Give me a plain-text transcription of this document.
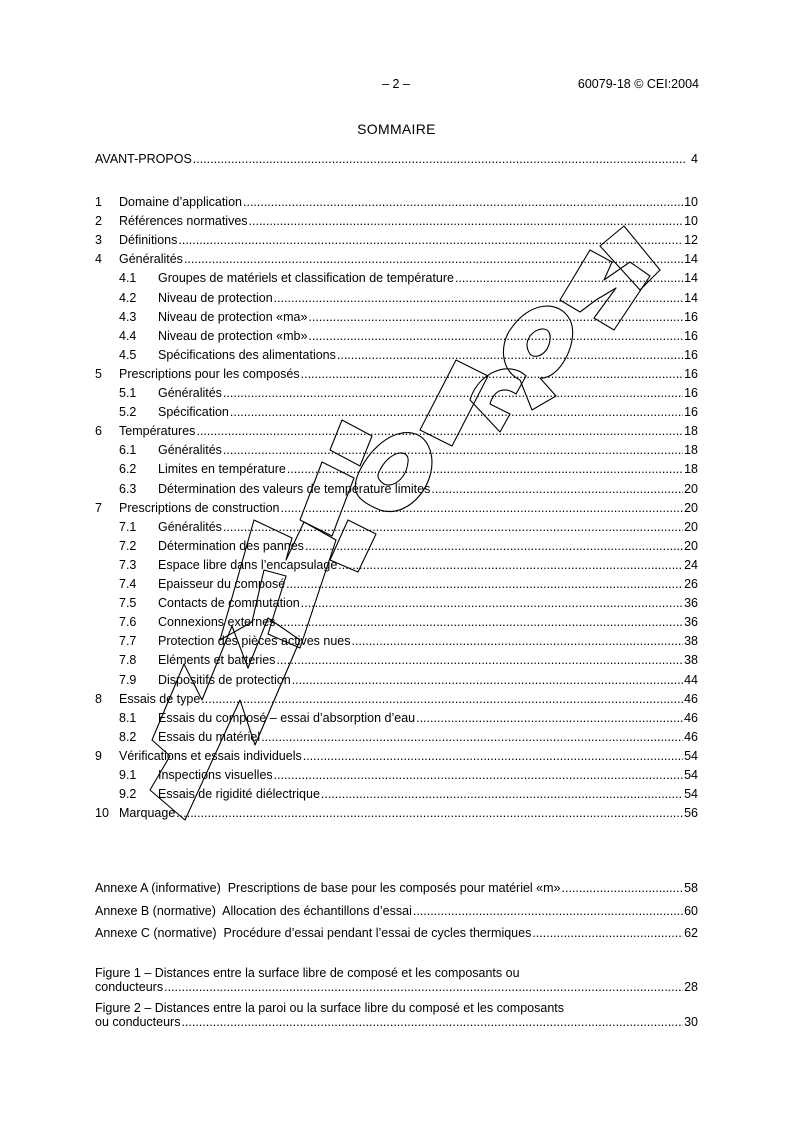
– 2 –	60079-18 © CEI:2004
SOMMAIRE
AVANT-PROPOS .....	4
1	Domaine d’application .....	10
2	Références normatives .....	10
3	Définitions .....	12
4	Généralités .....	14
4.1	Groupes de matériels et classification de température .....	14
4.2	Niveau de protection .....	14
4.3	Niveau de protection «ma» .....	16
4.4	Niveau de protection «mb» .....	16
4.5	Spécifications des alimentations .....	16
5	Prescriptions pour les composés .....	16
5.1	Généralités .....	16
5.2	Spécification .....	16
6	Températures .....	18
6.1	Généralités .....	18
6.2	Limites en température .....	18
6.3	Détermination des valeurs de température limites .....	20
7	Prescriptions de construction .....	20
7.1	Généralités .....	20
7.2	Détermination des pannes .....	20
7.3	Espace libre dans l’encapsulage .....	24
7.4	Epaisseur du composé .....	26
7.5	Contacts de commutation .....	36
7.6	Connexions externes .....	36
7.7	Protection des pièces actives nues .....	38
7.8	Eléments et batteries .....	38
7.9	Dispositifs de protection .....	44
8	Essais de type .....	46
8.1	Essais du composé – essai d’absorption d’eau .....	46
8.2	Essais du matériel .....	46
9	Vérifications et essais individuels .....	54
9.1	Inspections visuelles .....	54
9.2	Essais de rigidité diélectrique .....	54
10 Marquage .....	56
Annexe A (informative)  Prescriptions de base pour les composés pour matériel «m» .....	58
Annexe B (normative)  Allocation des échantillons d’essai .....	60
Annexe C (normative)  Procédure d’essai pendant l’essai de cycles thermiques .....	62
Figure 1 – Distances entre la surface libre de composé et les composants ou
conducteurs .....	28
Figure 2 – Distances entre la paroi ou la surface libre du composé et les composants
ou conducteurs .....	30
